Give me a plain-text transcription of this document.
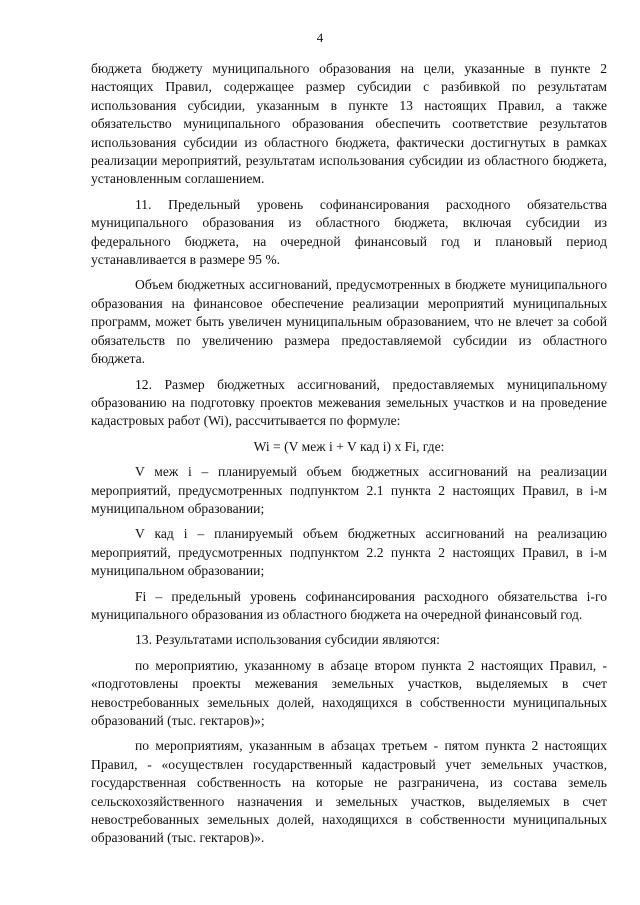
4

бюджета бюджету муниципального образования на цели, указанные в пункте 2 настоящих Правил, содержащее размер субсидии с разбивкой по результатам использования субсидии, указанным в пункте 13 настоящих Правил, а также обязательство муниципального образования обеспечить соответствие результатов использования субсидии из областного бюджета, фактически достигнутых в рамках реализации мероприятий, результатам использования субсидии из областного бюджета, установленным соглашением.

11. Предельный уровень софинансирования расходного обязательства муниципального образования из областного бюджета, включая субсидии из федерального бюджета, на очередной финансовый год и плановый период устанавливается в размере 95 %.

Объем бюджетных ассигнований, предусмотренных в бюджете муниципального образования на финансовое обеспечение реализации мероприятий муниципальных программ, может быть увеличен муниципальным образованием, что не влечет за собой обязательств по увеличению размера предоставляемой субсидии из областного бюджета.

12. Размер бюджетных ассигнований, предоставляемых муниципальному образованию на подготовку проектов межевания земельных участков и на проведение кадастровых работ (Wi), рассчитывается по формуле:

Wi = (V меж i + V кад i) x Fi, где:

V меж i – планируемый объем бюджетных ассигнований на реализации мероприятий, предусмотренных подпунктом 2.1 пункта 2 настоящих Правил, в i-м муниципальном образовании;

V кад i – планируемый объем бюджетных ассигнований на реализацию мероприятий, предусмотренных подпунктом 2.2 пункта 2 настоящих Правил, в i-м муниципальном образовании;

Fi – предельный уровень софинансирования расходного обязательства i-го муниципального образования из областного бюджета на очередной финансовый год.

13. Результатами использования субсидии являются:

по мероприятию, указанному в абзаце втором пункта 2 настоящих Правил, - «подготовлены проекты межевания земельных участков, выделяемых в счет невостребованных земельных долей, находящихся в собственности муниципальных образований (тыс. гектаров)»;

по мероприятиям, указанным в абзацах третьем - пятом пункта 2 настоящих Правил, - «осуществлен государственный кадастровый учет земельных участков, государственная собственность на которые не разграничена, из состава земель сельскохозяйственного назначения и земельных участков, выделяемых в счет невостребованных земельных долей, находящихся в собственности муниципальных образований (тыс. гектаров)».
